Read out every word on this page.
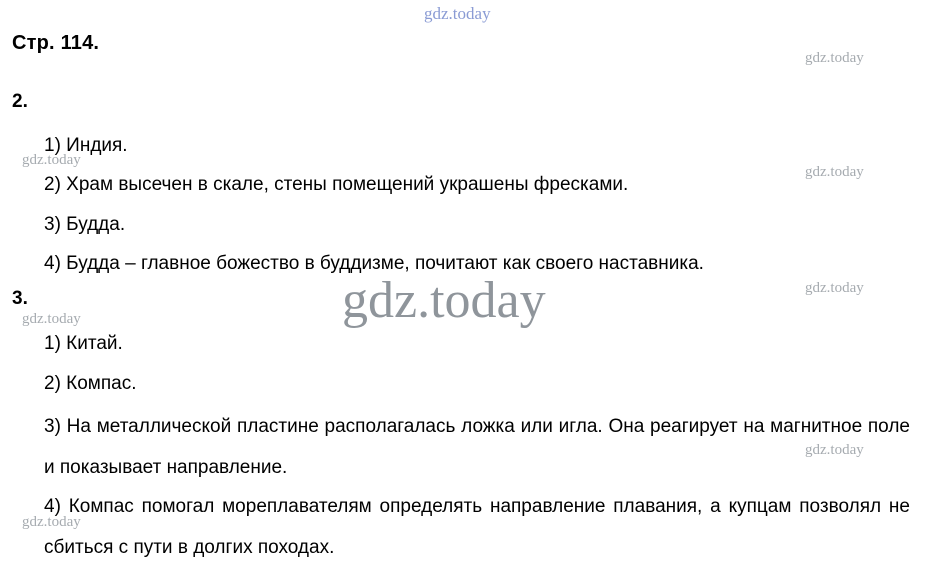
gdz.today
Стр. 114.
gdz.today
2.
1) Индия.
gdz.today
2) Храм высечен в скале, стены помещений украшены фресками.
gdz.today
3) Будда.
4) Будда – главное божество в буддизме, почитают как своего наставника.
3.	gdz.today	gdz.today
gdz.today
1) Китай.
2) Компас.
3) На металлической пластине располагалась ложка или игла. Она реагирует на магнитное поле и показывает направление.
gdz.today
4) Компас помогал мореплавателям определять направление плавания, а купцам позволял не сбиться с пути в долгих походах.
gdz.today
